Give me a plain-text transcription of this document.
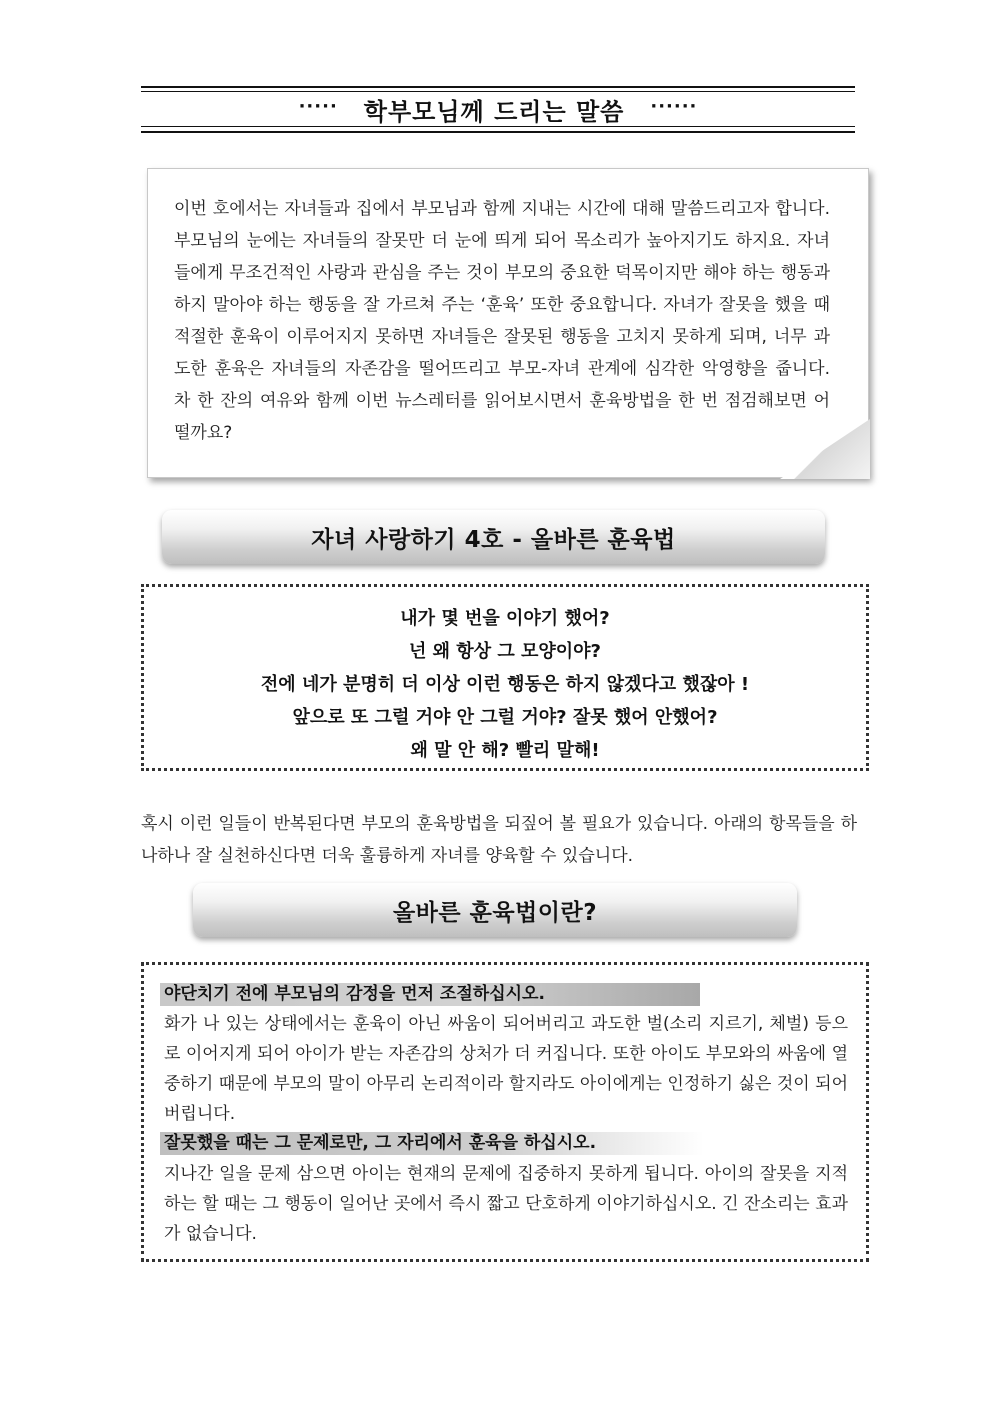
····· 학부모님께 드리는 말씀 ······
이번 호에서는 자녀들과 집에서 부모님과 함께 지내는 시간에 대해 말씀드리고자 합니다. 부모님의 눈에는 자녀들의 잘못만 더 눈에 띄게 되어 목소리가 높아지기도 하지요. 자녀들에게 무조건적인 사랑과 관심을 주는 것이 부모의 중요한 덕목이지만 해야 하는 행동과 하지 말아야 하는 행동을 잘 가르쳐 주는 ‘훈육’ 또한 중요합니다. 자녀가 잘못을 했을 때 적절한 훈육이 이루어지지 못하면 자녀들은 잘못된 행동을 고치지 못하게 되며, 너무 과도한 훈육은 자녀들의 자존감을 떨어뜨리고 부모-자녀 관계에 심각한 악영향을 줍니다. 차 한 잔의 여유와 함께 이번 뉴스레터를 읽어보시면서 훈육방법을 한 번 점검해보면 어떨까요?
자녀 사랑하기 4호 - 올바른 훈육법
내가 몇 번을 이야기 했어?
넌 왜 항상 그 모양이야?
전에 네가 분명히 더 이상 이런 행동은 하지 않겠다고 했잖아 !
앞으로 또 그럴 거야 안 그럴 거야? 잘못 했어 안했어?
왜 말 안 해? 빨리 말해!
혹시 이런 일들이 반복된다면 부모의 훈육방법을 되짚어 볼 필요가 있습니다. 아래의 항목들을 하나하나 잘 실천하신다면 더욱 훌륭하게 자녀를 양육할 수 있습니다.
올바른 훈육법이란?
야단치기 전에 부모님의 감정을 먼저 조절하십시오.
화가 나 있는 상태에서는 훈육이 아닌 싸움이 되어버리고 과도한 벌(소리 지르기, 체벌) 등으로 이어지게 되어 아이가 받는 자존감의 상처가 더 커집니다. 또한 아이도 부모와의 싸움에 열중하기 때문에 부모의 말이 아무리 논리적이라 할지라도 아이에게는 인정하기 싫은 것이 되어 버립니다.
잘못했을 때는 그 문제로만, 그 자리에서 훈육을 하십시오.
지나간 일을 문제 삼으면 아이는 현재의 문제에 집중하지 못하게 됩니다. 아이의 잘못을 지적하는 할 때는 그 행동이 일어난 곳에서 즉시 짧고 단호하게 이야기하십시오. 긴 잔소리는 효과가 없습니다.
